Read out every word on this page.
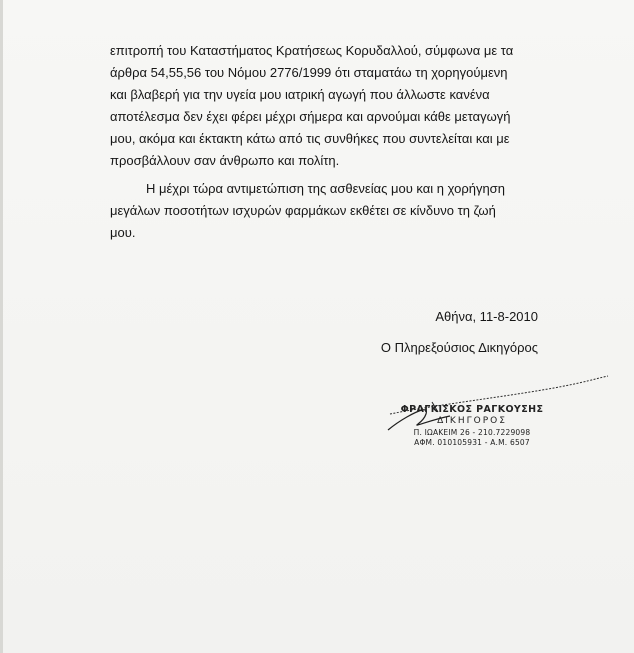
επιτροπή του Καταστήματος Κρατήσεως Κορυδαλλού, σύμφωνα με τα
άρθρα 54,55,56 του Νόμου 2776/1999 ότι σταματάω τη χορηγούμενη
και βλαβερή για την υγεία μου ιατρική αγωγή που άλλωστε κανένα
αποτέλεσμα δεν έχει φέρει μέχρι σήμερα και αρνούμαι κάθε μεταγωγή
μου, ακόμα και έκτακτη κάτω από τις συνθήκες που συντελείται και με
προσβάλλουν σαν άνθρωπο και πολίτη.
Η μέχρι τώρα αντιμετώπιση της ασθενείας μου και η χορήγηση
μεγάλων ποσοτήτων ισχυρών φαρμάκων εκθέτει σε κίνδυνο τη ζωή
μου.
Αθήνα, 11-8-2010
Ο Πληρεξούσιος Δικηγόρος
ΦΡΑΓΚΙΣΚΟΣ ΡΑΓΚΟΥΣΗΣ
ΔΙΚΗΓΟΡΟΣ
Π. ΙΩΑΚΕΙΜ 26 - 210.7229098
ΑΦΜ. 010105931 - Α.Μ. 6507
